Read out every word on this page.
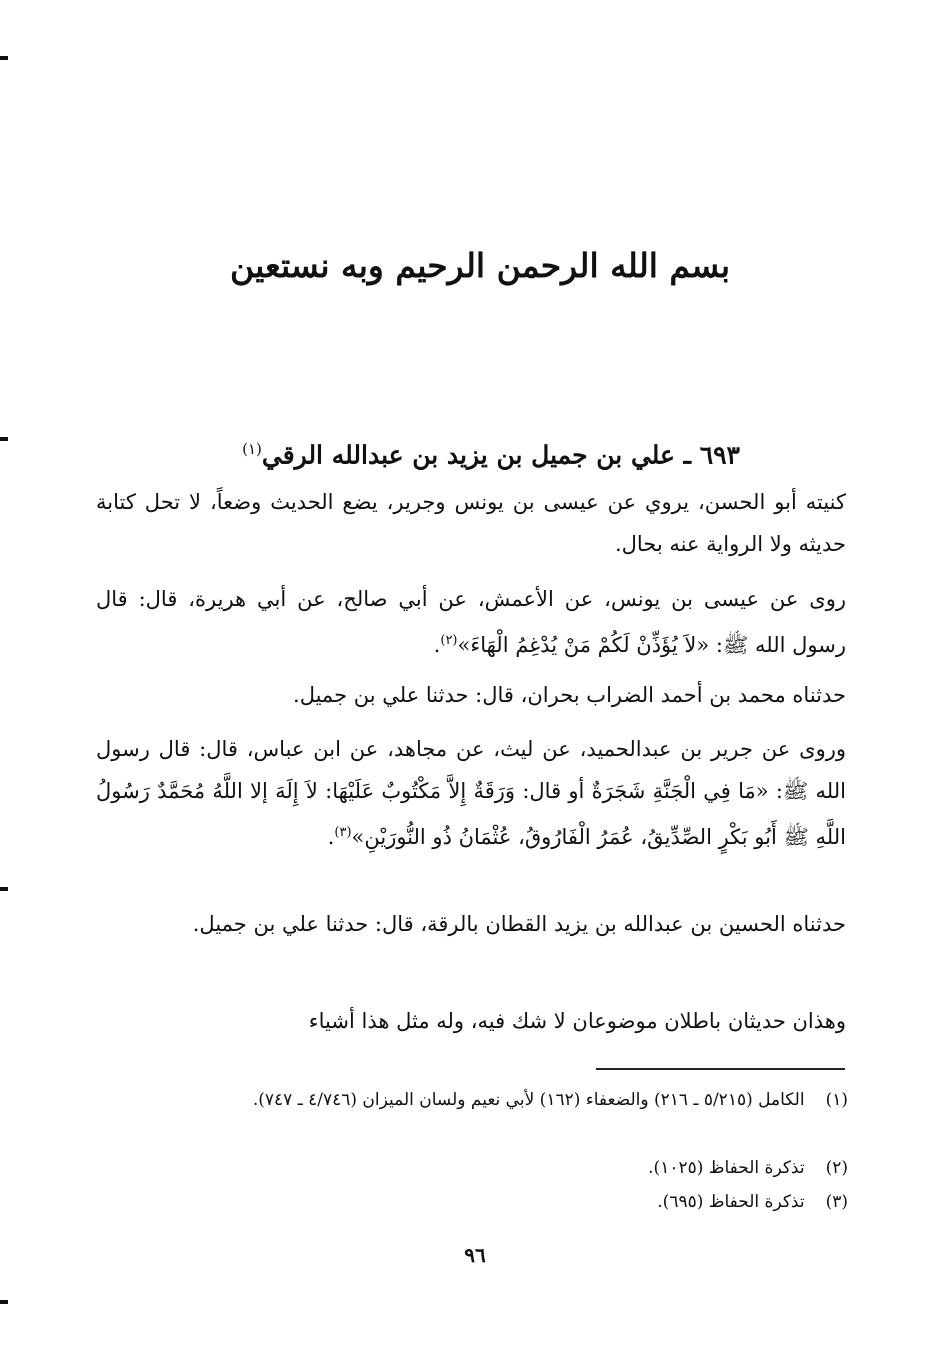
بسم الله الرحمن الرحيم وبه نستعين
٦٩٣ ـ علي بن جميل بن يزيد بن عبدالله الرقي$^{(١)}$
كنيته أبو الحسن، يروي عن عيسى بن يونس وجرير، يضع الحديث وضعاً، لا تحل كتابة حديثه ولا الرواية عنه بحال.
روى عن عيسى بن يونس، عن الأعمش، عن أبي صالح، عن أبي هريرة، قال: قال رسول الله ﷺ: «لاَ يُؤَذِّنْ لَكُمْ مَنْ يُدْغِمُ الْهَاءَ»$^{(٢)}$.
حدثناه محمد بن أحمد الضراب بحران، قال: حدثنا علي بن جميل.
وروى عن جرير بن عبدالحميد، عن ليث، عن مجاهد، عن ابن عباس، قال: قال رسول الله ﷺ: «مَا فِي الْجَنَّةِ شَجَرَةٌ أو قال: وَرَقَةٌ إِلاَّ مَكْتُوبٌ عَلَيْهَا: لاَ إِلَهَ إلا اللَّهُ مُحَمَّدٌ رَسُولُ اللَّهِ ﷺ أَبُو بَكْرٍ الصِّدِّيقُ، عُمَرُ الْفَارُوقُ، عُثْمَانُ ذُو النُّورَيْنِ»$^{(٣)}$.
حدثناه الحسين بن عبدالله بن يزيد القطان بالرقة، قال: حدثنا علي بن جميل.
وهذان حديثان باطلان موضوعان لا شك فيه، وله مثل هذا أشياء
(١) الكامل (٥/٢١٥ ـ ٢١٦) والضعفاء (١٦٢) لأبي نعيم ولسان الميزان (٤/٧٤٦ ـ ٧٤٧).
(٢) تذكرة الحفاظ (١٠٢٥).
(٣) تذكرة الحفاظ (٦٩٥).
٩٦
